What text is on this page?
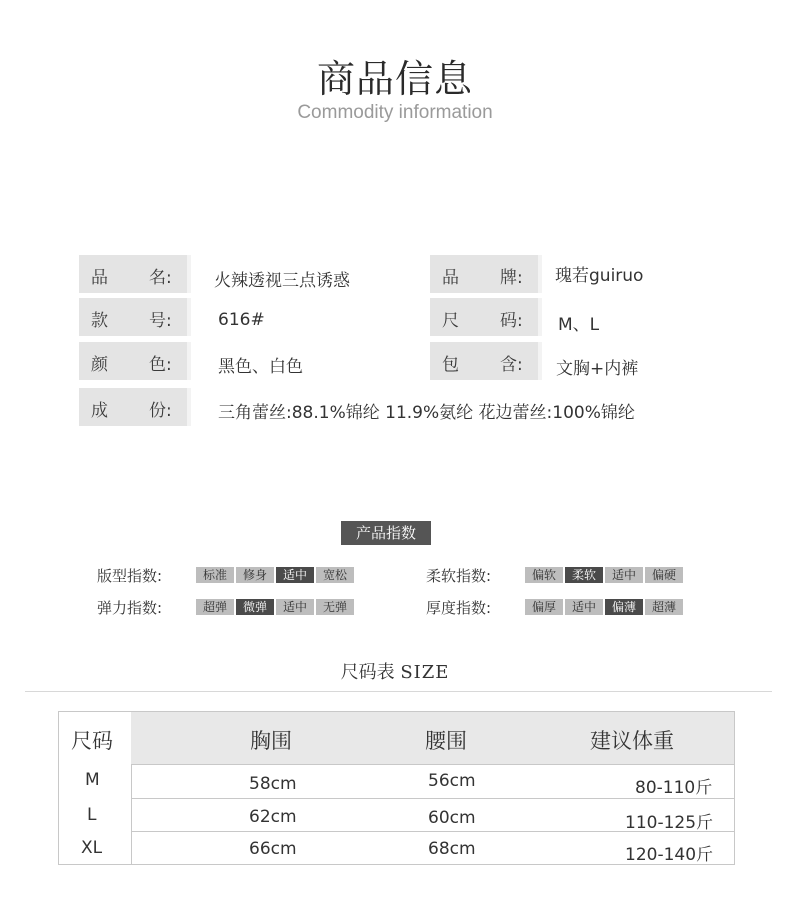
商品信息
Commodity information
品 名: 火辣透视三点诱惑	品 牌: 瑰若guiruo
款 号:	616#	尺 码: M、L
颜 色:	黑色、白色	包 含: 文胸+内裤
成 份:	三角蕾丝:88.1%锦纶 11.9%氨纶 花边蕾丝:100%锦纶
产品指数
版型指数:	标准	修身	适中	宽松	柔软指数:	偏软	柔软	适中	偏硬
弹力指数:	超弹	微弹	适中	无弹	厚度指数:	偏厚	适中	偏薄	超薄
尺码表 SIZE
尺码	胸围	腰围	建议体重
M	58cm	56cm	80-110斤
L	62cm	60cm	110-125斤
XL	66cm	68cm	120-140斤
